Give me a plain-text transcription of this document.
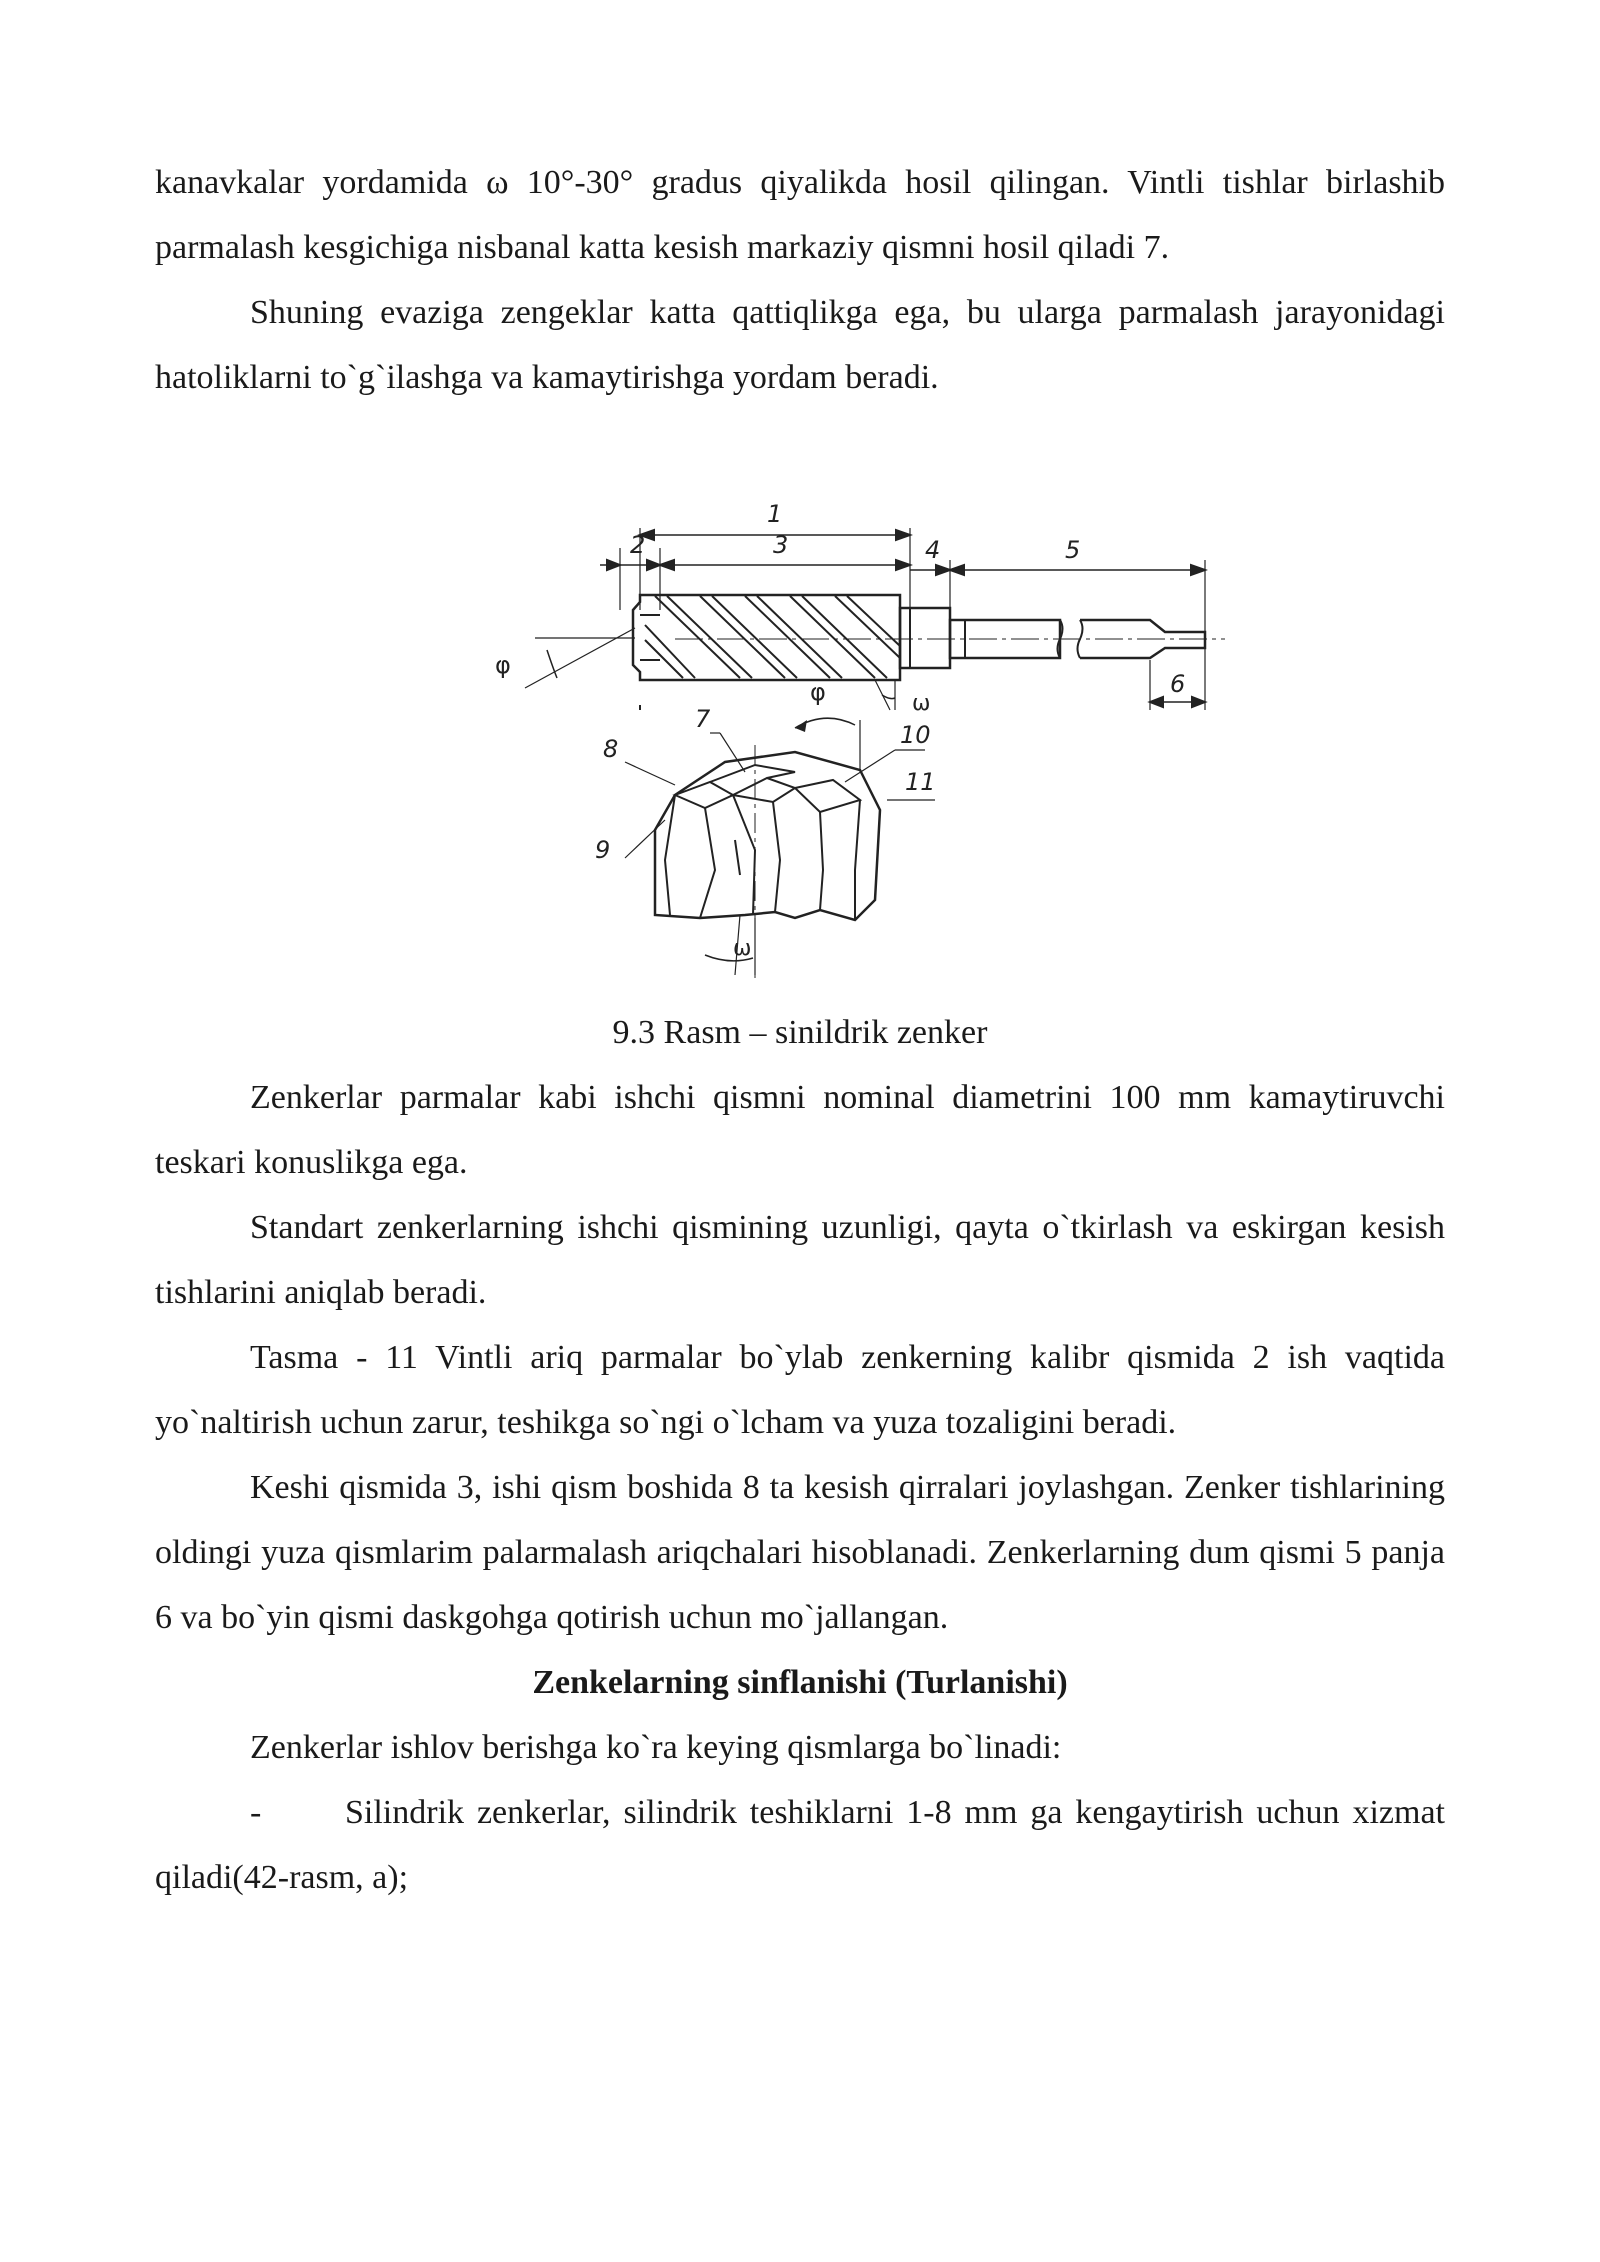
kanavkalar yordamida ω 10°-30° gradus qiyalikda hosil qilingan. Vintli tishlar birlashib parmalash kesgichiga nisbanal katta kesish markaziy qismni hosil qiladi 7.

Shuning evaziga zengeklar katta qattiqlikga ega, bu ularga parmalash jarayonidagi hatoliklarni to`g`ilashga va kamaytirishga yordam beradi.

1
2	3	4	5
6
φ
ω
7
8
9
10
11
φ
ω

9.3 Rasm – sinildrik zenker

Zenkerlar parmalar kabi ishchi qismni nominal diametrini 100 mm kamaytiruvchi teskari konuslikga ega.

Standart zenkerlarning ishchi qismining uzunligi, qayta o`tkirlash va eskirgan kesish tishlarini aniqlab beradi.

Tasma - 11 Vintli ariq parmalar bo`ylab zenkerning kalibr qismida 2 ish vaqtida yo`naltirish uchun zarur, teshikga so`ngi o`lcham va yuza tozaligini beradi.

Keshi qismida 3, ishi qism boshida 8 ta kesish qirralari joylashgan. Zenker tishlarining oldingi yuza qismlarim palarmalash ariqchalari hisoblanadi. Zenkerlarning dum qismi 5 panja 6 va bo`yin qismi daskgohga qotirish uchun mo`jallangan.

Zenkelarning sinflanishi (Turlanishi)

Zenkerlar ishlov berishga ko`ra keying qismlarga bo`linadi:

- Silindrik zenkerlar, silindrik teshiklarni 1-8 mm ga kengaytirish uchun xizmat qiladi(42-rasm, a);
